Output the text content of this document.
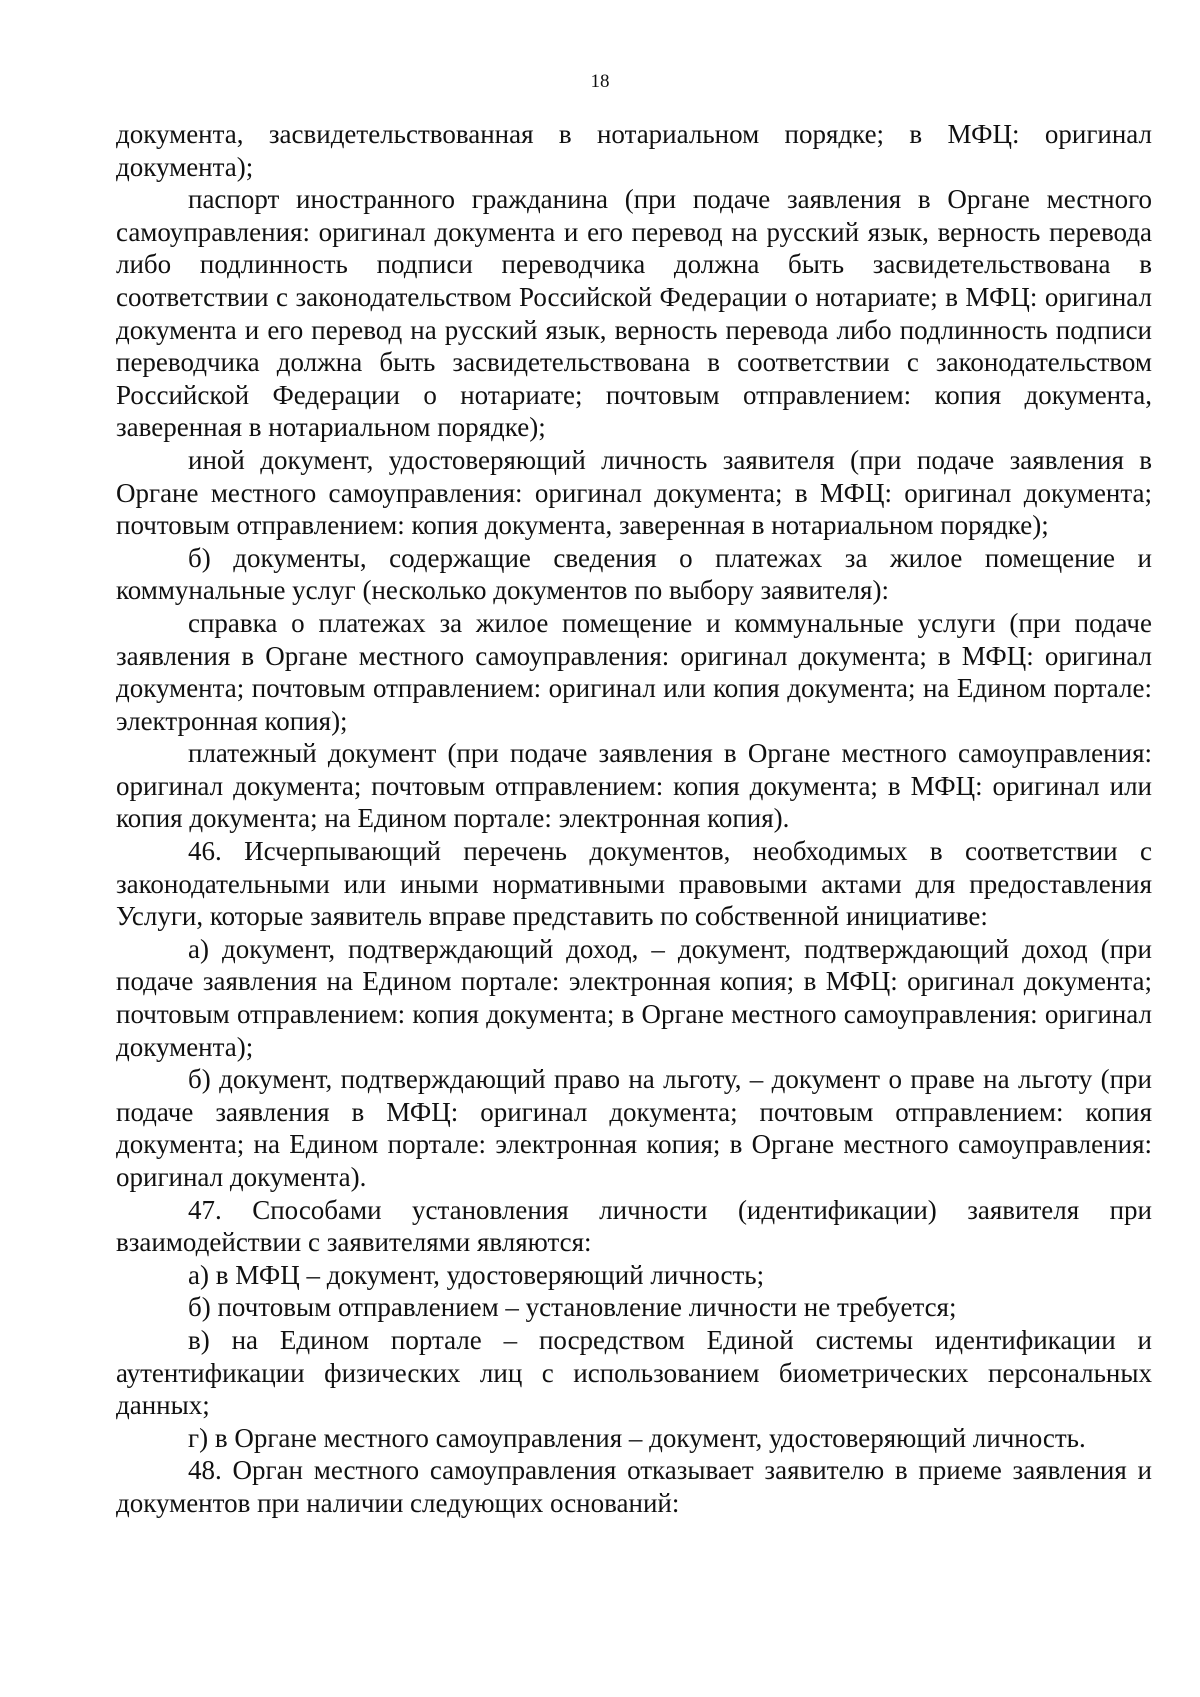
18

документа, засвидетельствованная в нотариальном порядке; в МФЦ: оригинал документа);

паспорт иностранного гражданина (при подаче заявления в Органе местного самоуправления: оригинал документа и его перевод на русский язык, верность перевода либо подлинность подписи переводчика должна быть засвидетельствована в соответствии с законодательством Российской Федерации о нотариате; в МФЦ: оригинал документа и его перевод на русский язык, верность перевода либо подлинность подписи переводчика должна быть засвидетельствована в соответствии с законодательством Российской Федерации о нотариате; почтовым отправлением: копия документа, заверенная в нотариальном порядке);

иной документ, удостоверяющий личность заявителя (при подаче заявления в Органе местного самоуправления: оригинал документа; в МФЦ: оригинал документа; почтовым отправлением: копия документа, заверенная в нотариальном порядке);

б) документы, содержащие сведения о платежах за жилое помещение и коммунальные услуг (несколько документов по выбору заявителя):

справка о платежах за жилое помещение и коммунальные услуги (при подаче заявления в Органе местного самоуправления: оригинал документа; в МФЦ: оригинал документа; почтовым отправлением: оригинал или копия документа; на Едином портале: электронная копия);

платежный документ (при подаче заявления в Органе местного самоуправления: оригинал документа; почтовым отправлением: копия документа; в МФЦ: оригинал или копия документа; на Едином портале: электронная копия).

46. Исчерпывающий перечень документов, необходимых в соответствии с законодательными или иными нормативными правовыми актами для предоставления Услуги, которые заявитель вправе представить по собственной инициативе:

а) документ, подтверждающий доход, – документ, подтверждающий доход (при подаче заявления на Едином портале: электронная копия; в МФЦ: оригинал документа; почтовым отправлением: копия документа; в Органе местного самоуправления: оригинал документа);

б) документ, подтверждающий право на льготу, – документ о праве на льготу (при подаче заявления в МФЦ: оригинал документа; почтовым отправлением: копия документа; на Едином портале: электронная копия; в Органе местного самоуправления: оригинал документа).

47. Способами установления личности (идентификации) заявителя при взаимодействии с заявителями являются:

а) в МФЦ – документ, удостоверяющий личность;

б) почтовым отправлением – установление личности не требуется;

в) на Едином портале – посредством Единой системы идентификации и аутентификации физических лиц с использованием биометрических персональных данных;

г) в Органе местного самоуправления – документ, удостоверяющий личность.

48. Орган местного самоуправления отказывает заявителю в приеме заявления и документов при наличии следующих оснований:
